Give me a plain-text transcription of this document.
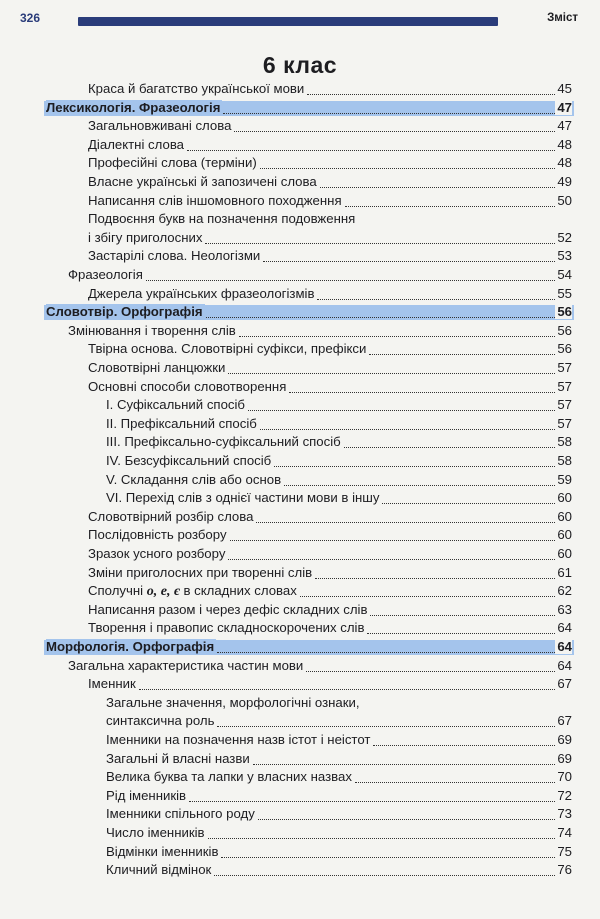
326	Зміст
6 клас
Краса й багатство української мови	45
Лексикологія. Фразеологія	47
Загальновживані слова	47
Діалектні слова	48
Професійні слова (терміни)	48
Власне українські й запозичені слова	49
Написання слів іншомовного походження	50
Подвоєння букв на позначення подовження
і збігу приголосних	52
Застарілі слова. Неологізми	53
Фразеологія	54
Джерела українських фразеологізмів	55
Словотвір. Орфографія	56
Змінювання і творення слів	56
Твірна основа. Словотвірні суфікси, префікси	56
Словотвірні ланцюжки	57
Основні способи словотворення	57
І. Суфіксальний спосіб	57
ІІ. Префіксальний спосіб	57
ІІІ. Префіксально-суфіксальний спосіб	58
ІV. Безсуфіксальний спосіб	58
V. Складання слів або основ	59
VІ. Перехід слів з однієї частини мови в іншу	60
Словотвірний розбір слова	60
Послідовність розбору	60
Зразок усного розбору	60
Зміни приголосних при творенні слів	61
Сполучні о, е, є в складних словах	62
Написання разом і через дефіс складних слів	63
Творення і правопис складноскорочених слів	64
Морфологія. Орфографія	64
Загальна характеристика частин мови	64
Іменник	67
Загальне значення, морфологічні ознаки,
синтаксична роль	67
Іменники на позначення назв істот і неістот	69
Загальні й власні назви	69
Велика буква та лапки у власних назвах	70
Рід іменників	72
Іменники спільного роду	73
Число іменників	74
Відмінки іменників	75
Кличний відмінок	76
